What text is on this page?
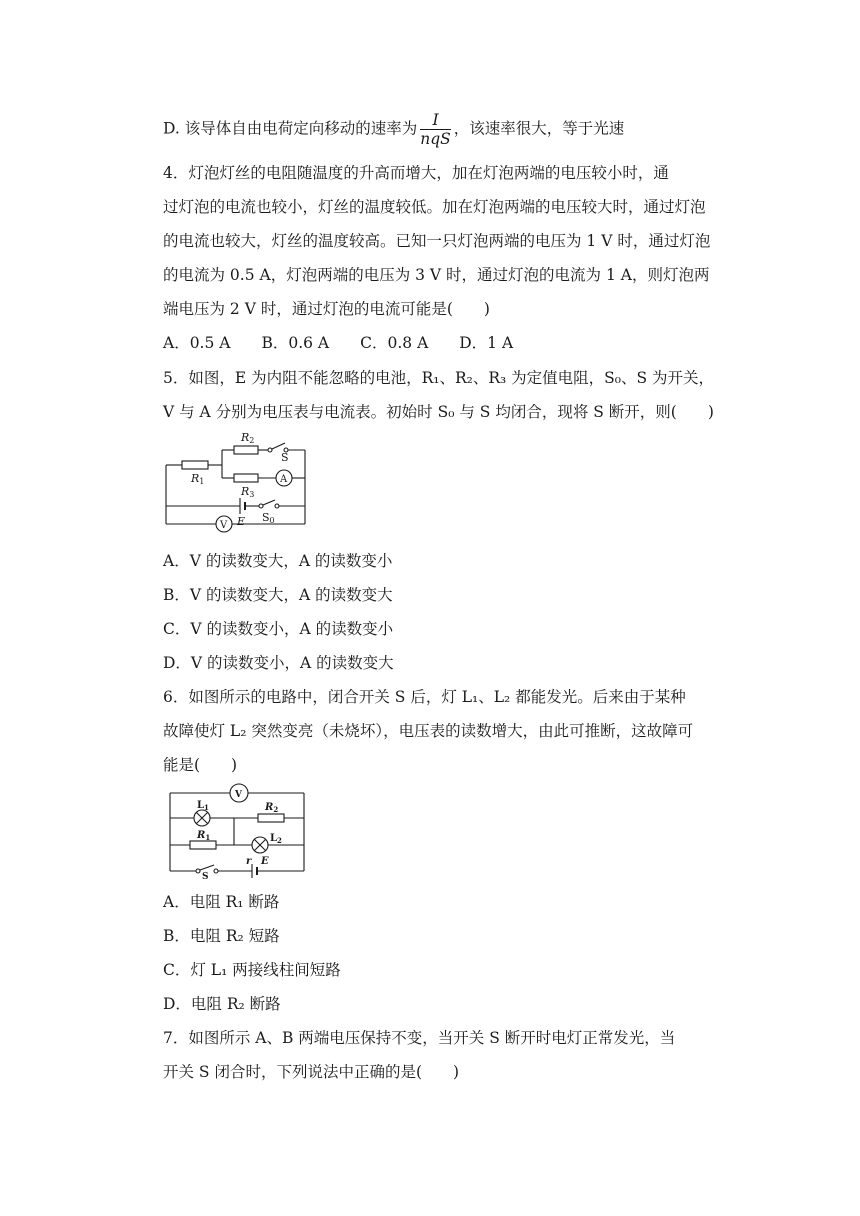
D. 该导体自由电荷定向移动的速率为 $\frac{I}{\text{nqS}}$ ，该速率很大，等于光速
4．灯泡灯丝的电阻随温度的升高而增大，加在灯泡两端的电压较小时，通
过灯泡的电流也较小，灯丝的温度较低。加在灯泡两端的电压较大时，通过灯泡
的电流也较大，灯丝的温度较高。已知一只灯泡两端的电压为 1 V 时，通过灯泡
的电流为 0.5 A，灯泡两端的电压为 3 V 时，通过灯泡的电流为 1 A，则灯泡两
端电压为 2 V 时，通过灯泡的电流可能是(　　)
A．0.5 A　　B．0.6 A　　C．0.8 A　　D．1 A
5．如图，E 为内阻不能忽略的电池，R₁、R₂、R₃ 为定值电阻，S₀、S 为开关，
V 与 A 分别为电压表与电流表。初始时 S₀ 与 S 均闭合，现将 S 断开，则(　　)
R2
S
R1	A
R3
S0
E
V
A．V 的读数变大，A 的读数变小
B．V 的读数变大，A 的读数变大
C．V 的读数变小，A 的读数变小
D．V 的读数变小，A 的读数变大
6．如图所示的电路中，闭合开关 S 后，灯 L₁、L₂ 都能发光。后来由于某种
故障使灯 L₂ 突然变亮（未烧坏），电压表的读数增大，由此可推断，这故障可
能是(　　)
V
$L_1$	$R_2$
$R_1$	$L_2$
r E
S
A．电阻 R₁ 断路
B．电阻 R₂ 短路
C．灯 L₁ 两接线柱间短路
D．电阻 R₂ 断路
7．如图所示 A、B 两端电压保持不变，当开关 S 断开时电灯正常发光，当
开关 S 闭合时，下列说法中正确的是(　　)
